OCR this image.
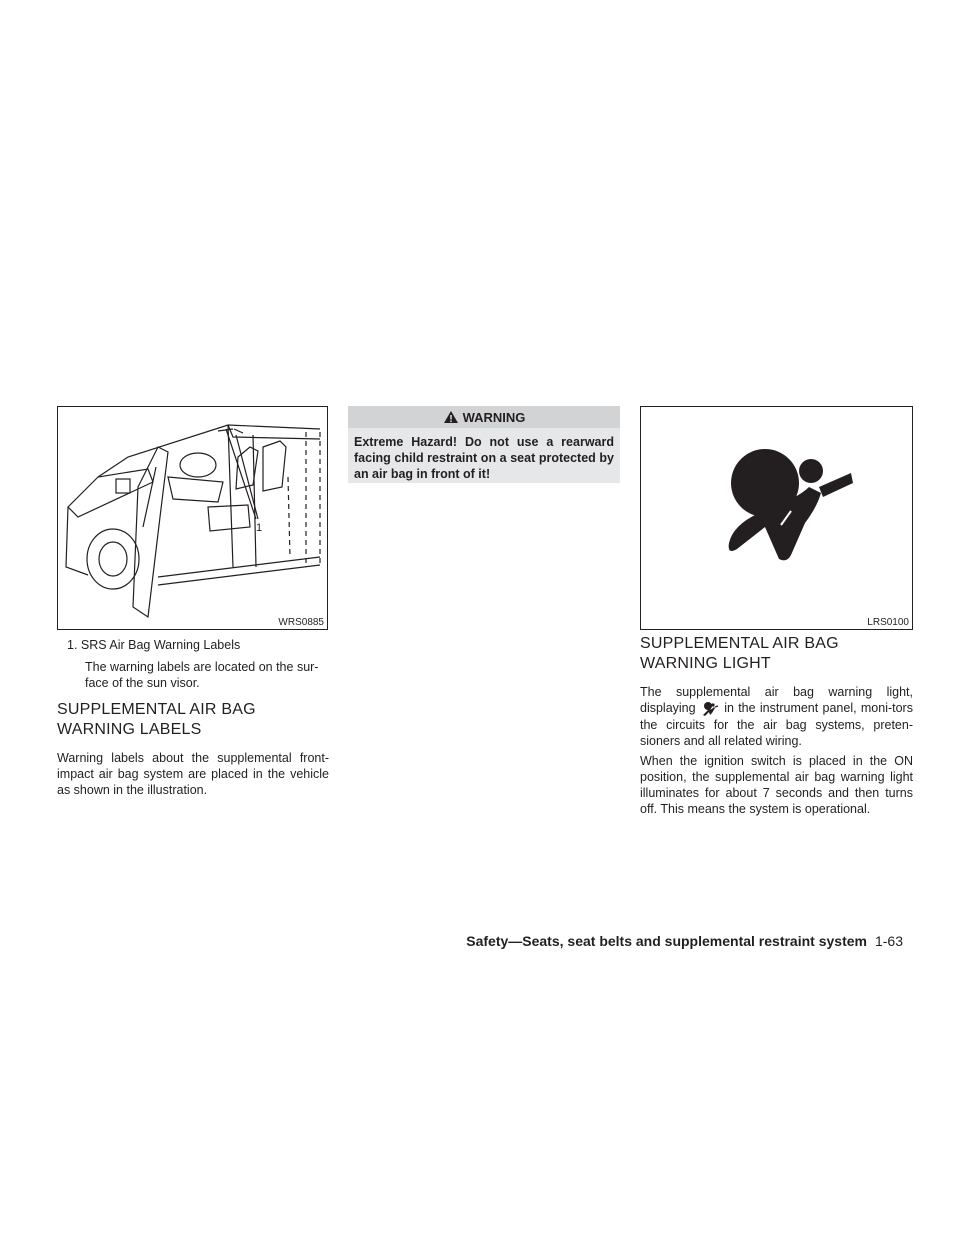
1
WRS0885
1. SRS Air Bag Warning Labels
The warning labels are located on the sur-face of the sun visor.
SUPPLEMENTAL AIR BAG
WARNING LABELS

Warning labels about the supplemental front-impact air bag system are placed in the vehicle as shown in the illustration.

WARNING
Extreme Hazard! Do not use a rearward facing child restraint on a seat protected by an air bag in front of it!
LRS0100
SUPPLEMENTAL AIR BAG
WARNING LIGHT

The supplemental air bag warning light, displaying in the instrument panel, moni-tors the circuits for the air bag systems, preten-sioners and all related wiring.

When the ignition switch is placed in the ON position, the supplemental air bag warning light illuminates for about 7 seconds and then turns off. This means the system is operational.

Safety—Seats, seat belts and supplemental restraint system 1-63
